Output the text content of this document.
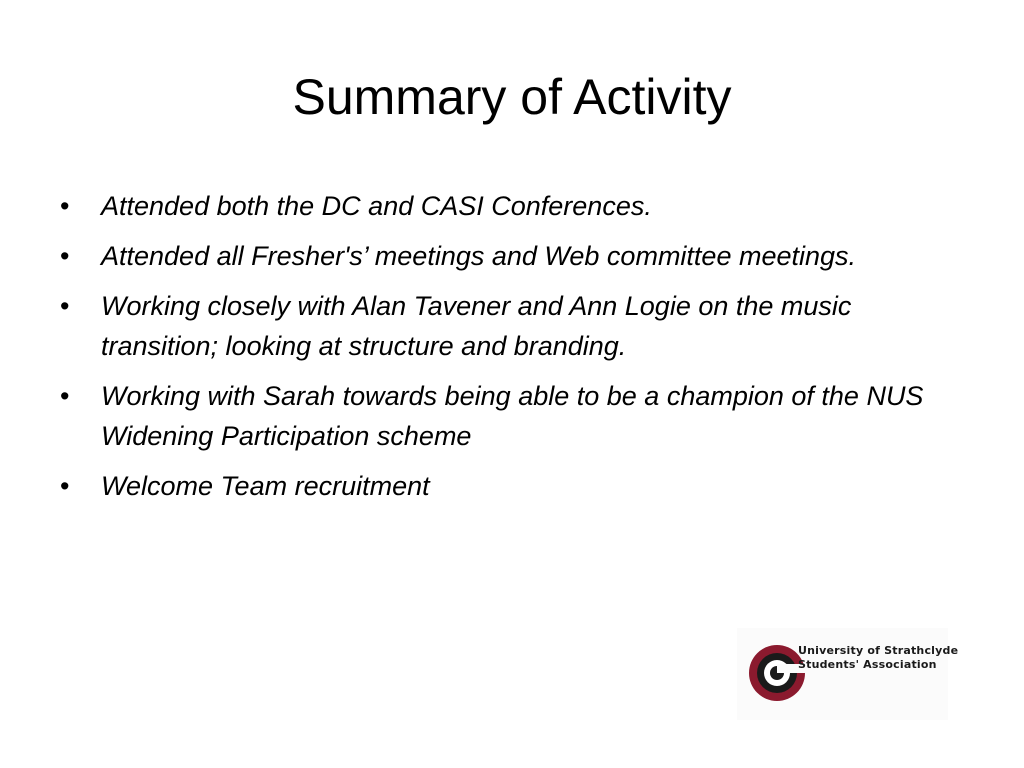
Summary of Activity
• Attended both the DC and CASI Conferences.
• Attended all Fresher's’ meetings and Web committee meetings.
• Working closely with Alan Tavener and Ann Logie on the music transition; looking at structure and branding.
• Working with Sarah towards being able to be a champion of the NUS Widening Participation scheme
• Welcome Team recruitment
University of Strathclyde
Students' Association
